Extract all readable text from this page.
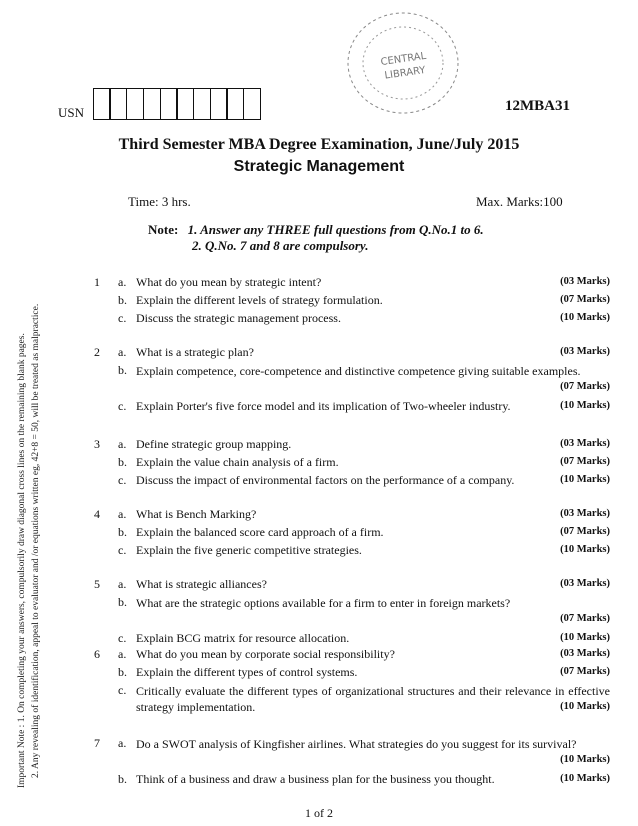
USN	12MBA31
CENTRAL
LIBRARY
Third Semester MBA Degree Examination, June/July 2015
Strategic Management
Time: 3 hrs.	Max. Marks:100
Note: 1. Answer any THREE full questions from Q.No.1 to 6.
2. Q.No. 7 and 8 are compulsory.
Important Note : 1. On completing your answers, compulsorily draw diagonal cross lines on the remaining blank pages. 2. Any revealing of identification, appeal to evaluator and /or equations written eg, 42+8 = 50, will be treated as malpractice.
1 a. What do you mean by strategic intent?	(03 Marks)
b. Explain the different levels of strategy formulation.	(07 Marks)
c. Discuss the strategic management process.	(10 Marks)
2 a. What is a strategic plan?	(03 Marks)
b. Explain competence, core-competence and distinctive competence giving suitable examples.
(07 Marks)
c. Explain Porter's five force model and its implication of Two-wheeler industry.	(10 Marks)
3 a. Define strategic group mapping.	(03 Marks)
b. Explain the value chain analysis of a firm.	(07 Marks)
c. Discuss the impact of environmental factors on the performance of a company.	(10 Marks)
4 a. What is Bench Marking?	(03 Marks)
b. Explain the balanced score card approach of a firm.	(07 Marks)
c. Explain the five generic competitive strategies.	(10 Marks)
5 a. What is strategic alliances?	(03 Marks)
b. What are the strategic options available for a firm to enter in foreign markets?
(07 Marks)
c. Explain BCG matrix for resource allocation.	(10 Marks)
6 a. What do you mean by corporate social responsibility?	(03 Marks)
b. Explain the different types of control systems.	(07 Marks)
c. Critically evaluate the different types of organizational structures and their relevance in effective strategy implementation.	(10 Marks)
7 a. Do a SWOT analysis of Kingfisher airlines. What strategies do you suggest for its survival?
(10 Marks)
b. Think of a business and draw a business plan for the business you thought.	(10 Marks)
1 of 2
